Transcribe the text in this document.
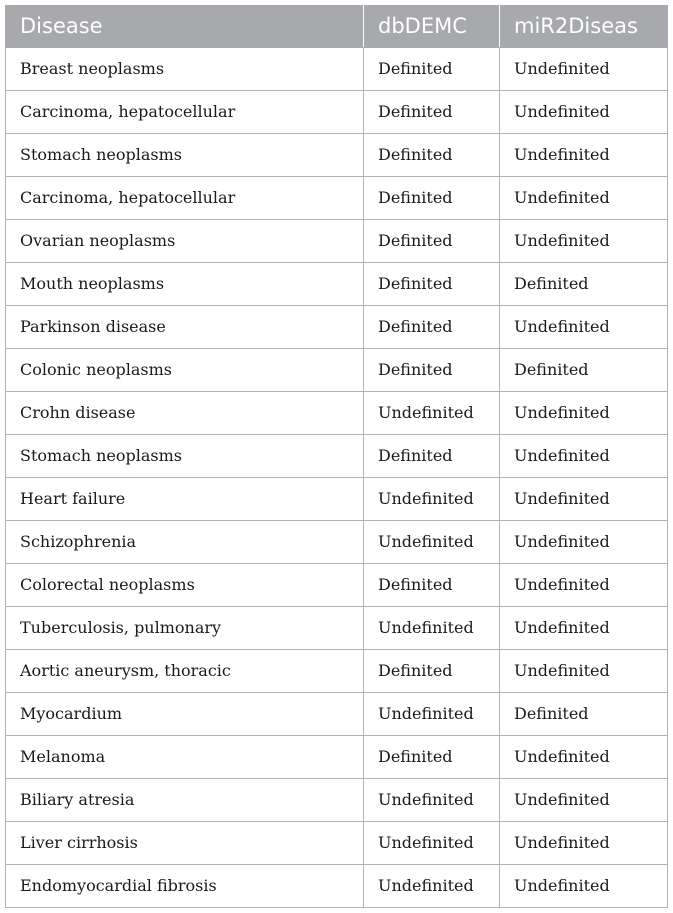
Disease	dbDEMC	miR2Diseas
Breast neoplasms	Definited	Undefinited
Carcinoma, hepatocellular	Definited	Undefinited
Stomach neoplasms	Definited	Undefinited
Carcinoma, hepatocellular	Definited	Undefinited
Ovarian neoplasms	Definited	Undefinited
Mouth neoplasms	Definited	Definited
Parkinson disease	Definited	Undefinited
Colonic neoplasms	Definited	Definited
Crohn disease	Undefinited	Undefinited
Stomach neoplasms	Definited	Undefinited
Heart failure	Undefinited	Undefinited
Schizophrenia	Undefinited	Undefinited
Colorectal neoplasms	Definited	Undefinited
Tuberculosis, pulmonary	Undefinited	Undefinited
Aortic aneurysm, thoracic	Definited	Undefinited
Myocardium	Undefinited	Definited
Melanoma	Definited	Undefinited
Biliary atresia	Undefinited	Undefinited
Liver cirrhosis	Undefinited	Undefinited
Endomyocardial fibrosis	Undefinited	Undefinited
